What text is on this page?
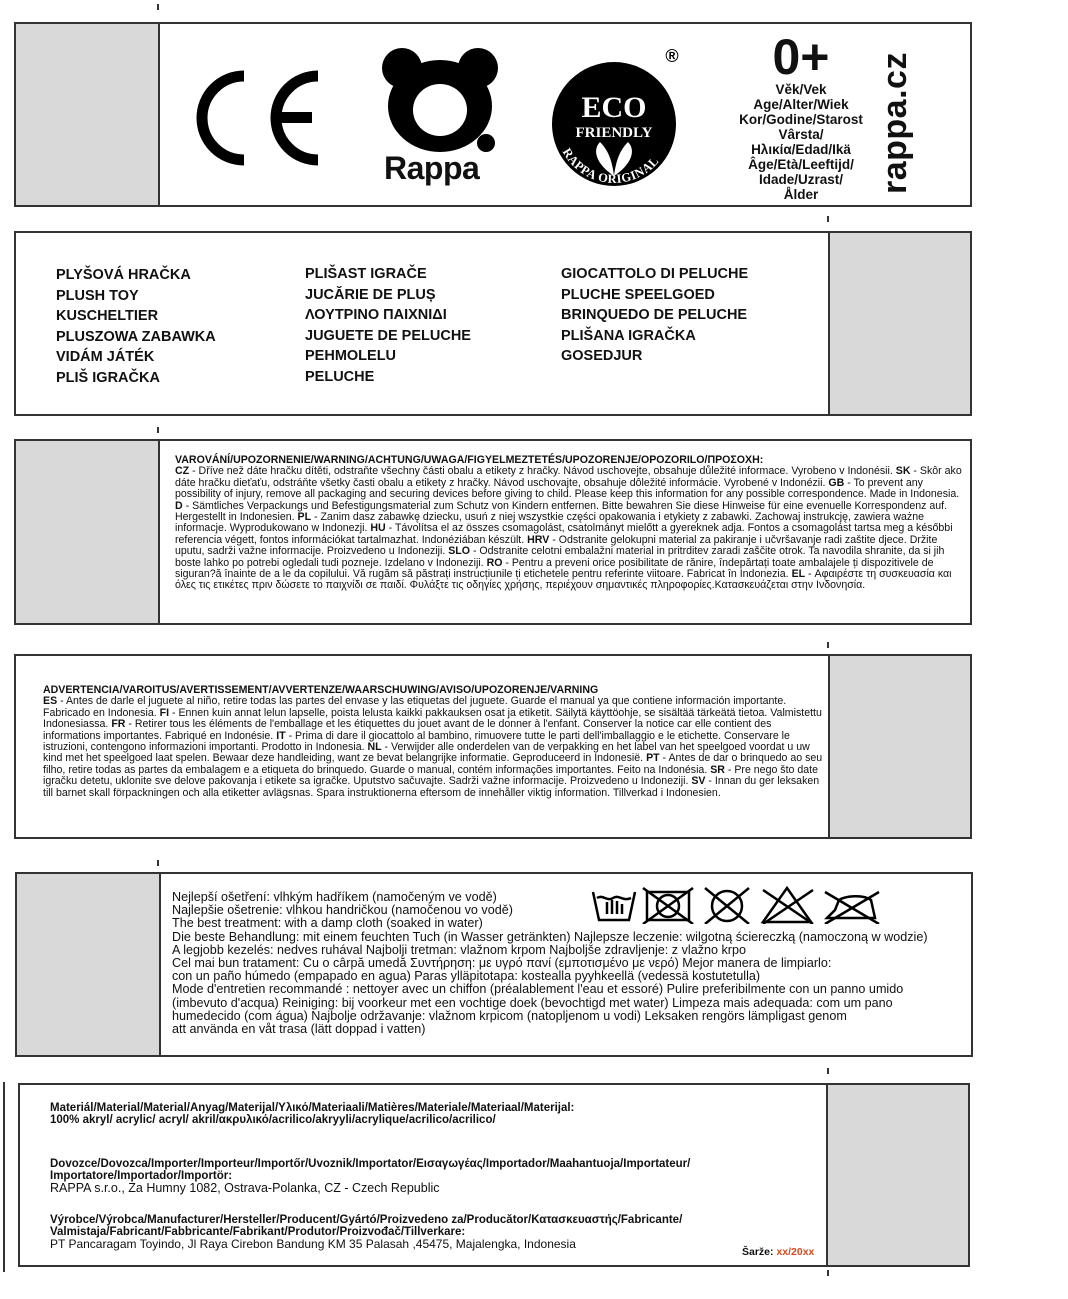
Rappa
ECO
FRIENDLY
®
RAPPA ORIGINAL
0+
Věk/Vek
Age/Alter/Wiek
Kor/Godine/Starost
Vârsta/Ηλικία/Edad/Ikä
Âge/Età/Leeftijd/
Idade/Uzrast/
Ålder
rappa.cz
PLYŠOVÁ HRAČKA
PLUSH TOY
KUSCHELTIER
PLUSZOWA ZABAWKA
VIDÁM JÁTÉK
PLIŠ IGRAČKA
PLIŠAST IGRAČE
JUCĂRIE DE PLUȘ
ΛΟΥΤΡΙΝΟ ΠΑΙΧΝΙΔΙ
JUGUETE DE PELUCHE
PEHMOLELU
PELUCHE
GIOCATTOLO DI PELUCHE
PLUCHE SPEELGOED
BRINQUEDO DE PELUCHE
PLIŠANA IGRAČKA
GOSEDJUR
VAROVÁNÍ/UPOZORNENIE/WARNING/ACHTUNG/UWAGA/FIGYELMEZTETÉS/UPOZORENJE/OPOZORILO/ΠΡΟΣΟΧΗ:
CZ - Dříve než dáte hračku dítěti, odstraňte všechny části obalu a etikety z hračky. Návod uschovejte, obsahuje důležité informace. Vyrobeno v Indonésii. SK - Skôr ako dáte hračku dieťaťu, odstráňte všetky časti obalu a etikety z hračky. Návod uschovajte, obsahuje dôležité informácie. Vyrobené v Indonézii. GB - To prevent any possibility of injury, remove all packaging and securing devices before giving to child. Please keep this information for any possible correspondence. Made in Indonesia. D - Sämtliches Verpackungs und Befestigungsmaterial zum Schutz von Kindern entfernen. Bitte bewahren Sie diese Hinweise für eine evenuelle Korrespondenz auf. Hergestellt in Indonesien. PL - Zanim dasz zabawkę dziecku, usuń z niej wszystkie części opakowania i etykiety z zabawki. Zachowaj instrukcję, zawiera ważne informacje. Wyprodukowano w Indonezji. HU - Távolítsa el az összes csomagolást, csatolmányt mielőtt a gyereknek adja. Fontos a csomagolást tartsa meg a későbbi referencia végett, fontos információkat tartalmazhat. Indonéziában készült. HRV - Odstranite gelokupni material za pakiranje i učvršavanje radi zaštite djece. Držite uputu, sadrži važne informacije. Proizvedeno u Indoneziji. SLO - Odstranite celotni embalažni material in pritrditev zaradi zaščite otrok. Ta navodila shranite, da si jih boste lahko po potrebi ogledali tudi pozneje. Izdelano v Indoneziji. RO - Pentru a preveni orice posibilitate de rănire, îndepărtați toate ambalajele ți dispozitivele de siguran?ă înainte de a le da copilului. Vă rugăm să păstrați instrucțiunile ți etichetele pentru referinte viitoare. Fabricat în Indonezia. EL - Αφαιρέστε τη συσκευασία και όλες τις ετικέτες πριν δώσετε το παιχνίδι σε παιδί. Φυλάξτε τις οδηγίες χρήσης, περιέχουν σημαντικές πληροφορίες.Κατασκευάζεται στην Ινδονησία.
ADVERTENCIA/VAROITUS/AVERTISSEMENT/AVVERTENZE/WAARSCHUWING/AVISO/UPOZORENJE/VARNING
ES - Antes de darle el juguete al niño, retire todas las partes del envase y las etiquetas del juguete. Guarde el manual ya que contiene información importante. Fabricado en Indonesia. FI - Ennen kuin annat lelun lapselle, poista lelusta kaikki pakkauksen osat ja etiketit. Säilytä käyttöohje, se sisältää tärkeätä tietoa. Valmistettu Indonesiassa. FR - Retirer tous les éléments de l'emballage et les étiquettes du jouet avant de le donner à l'enfant. Conserver la notice car elle contient des informations importantes. Fabriqué en Indonésie. IT - Prima di dare il giocattolo al bambino, rimuovere tutte le parti dell'imballaggio e le etichette. Conservare le istruzioni, contengono informazioni importanti. Prodotto in Indonesia. NL - Verwijder alle onderdelen van de verpakking en het label van het speelgoed voordat u uw kind met het speelgoed laat spelen. Bewaar deze handleiding, want ze bevat belangrijke informatie. Geproduceerd in Indonesië. PT - Antes de dar o brinquedo ao seu filho, retire todas as partes da embalagem e a etiqueta do brinquedo. Guarde o manual, contém informações importantes. Feito na Indonésia. SR - Pre nego što date igračku detetu, uklonite sve delove pakovanja i etikete sa igračke. Uputstvo sačuvajte. Sadrži važne informacije. Proizvedeno u Indoneziji. SV - Innan du ger leksaken till barnet skall förpackningen och alla etiketter avlägsnas. Spara instruktionerna eftersom de innehåller viktig information. Tillverkad i Indonesien.
Nejlepší ošetření: vlhkým hadříkem (namočeným ve vodě)
Najlepšie ošetrenie: vlhkou handričkou (namočenou vo vodě)
The best treatment: with a damp cloth (soaked in water)
Die beste Behandlung: mit einem feuchten Tuch (in Wasser getränkten) Najlepsze leczenie: wilgotną ściereczką (namoczoną w wodzie)
A legjobb kezelés: nedves ruhával Najbolji tretman: vlažnom krpom Najboljše zdravljenje: z vlažno krpo
Cel mai bun tratament: Cu o cârpă umedă Συντήρηση: με υγρό πανί (εμποτισμένο με νερό) Mejor manera de limpiarlo:
con un paño húmedo (empapado en agua) Paras ylläpitotapa: kostealla pyyhkeellä (vedessä kostutetulla)
Mode d'entretien recommandé : nettoyer avec un chiffon (préalablement l'eau et essoré) Pulire preferibilmente con un panno umido
(imbevuto d'acqua) Reiniging: bij voorkeur met een vochtige doek (bevochtigd met water) Limpeza mais adequada: com um pano
humedecido (com água) Najbolje održavanje: vlažnom krpicom (natopljenom u vodi) Leksaken rengörs lämpligast genom
att använda en våt trasa (lätt doppad i vatten)
Materiál/Material/Material/Anyag/Materijal/Υλικό/Materiaali/Matières/Materiale/Materiaal/Materijal:
100% akryl/ acrylic/ acryl/ akril/ακρυλικό/acrilico/akryyli/acrylique/acrilico/acrilico/
Dovozce/Dovozca/Importer/Importeur/Importőr/Uvoznik/Importator/Εισαγωγέας/Importador/Maahantuoja/Importateur/ Importatore/Importador/Importör:
RAPPA s.r.o., Za Humny 1082, Ostrava-Polanka, CZ - Czech Republic
Výrobce/Výrobca/Manufacturer/Hersteller/Producent/Gyártó/Proizvedeno za/Producător/Κατασκευαστής/Fabricante/ Valmistaja/Fabricant/Fabbricante/Fabrikant/Produtor/Proizvođač/Tillverkare:
PT Pancaragam Toyindo, Jl Raya Cirebon Bandung KM 35 Palasah ,45475, Majalengka, Indonesia
Šarže: xx/20xx
